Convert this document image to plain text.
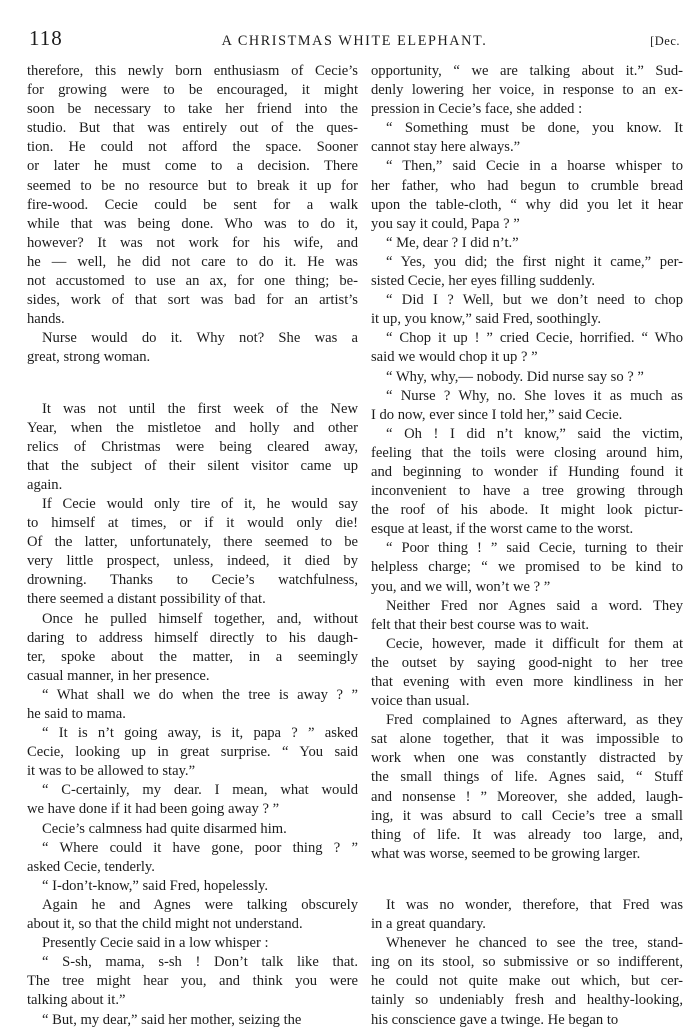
118	A CHRISTMAS WHITE ELEPHANT.	[Dec.

therefore, this newly born enthusiasm of Cecie’s
for growing were to be encouraged, it might
soon be necessary to take her friend into the
studio. But that was entirely out of the ques-
tion. He could not afford the space. Sooner
or later he must come to a decision. There
seemed to be no resource but to break it up for
fire-wood. Cecie could be sent for a walk
while that was being done. Who was to do it,
however? It was not work for his wife, and
he — well, he did not care to do it. He was
not accustomed to use an ax, for one thing; be-
sides, work of that sort was bad for an artist’s
hands.

Nurse would do it. Why not? She was a
great, strong woman.

It was not until the first week of the New
Year, when the mistletoe and holly and other
relics of Christmas were being cleared away,
that the subject of their silent visitor came up
again.

If Cecie would only tire of it, he would say
to himself at times, or if it would only die!
Of the latter, unfortunately, there seemed to be
very little prospect, unless, indeed, it died by
drowning. Thanks to Cecie’s watchfulness,
there seemed a distant possibility of that.

Once he pulled himself together, and, without
daring to address himself directly to his daugh-
ter, spoke about the matter, in a seemingly
casual manner, in her presence.

“ What shall we do when the tree is away ? ”
he said to mama.

“ It is n’t going away, is it, papa ? ” asked
Cecie, looking up in great surprise. “ You said
it was to be allowed to stay.”

“ C-certainly, my dear. I mean, what would
we have done if it had been going away ? ”

Cecie’s calmness had quite disarmed him.

“ Where could it have gone, poor thing ? ”
asked Cecie, tenderly.

“ I-don’t-know,” said Fred, hopelessly.

Again he and Agnes were talking obscurely
about it, so that the child might not understand.

Presently Cecie said in a low whisper :

“ S-sh, mama, s-sh ! Don’t talk like that.
The tree might hear you, and think you were
talking about it.”

“ But, my dear,” said her mother, seizing the

opportunity, “ we are talking about it.” Sud-
denly lowering her voice, in response to an ex-
pression in Cecie’s face, she added :

“ Something must be done, you know. It
cannot stay here always.”

“ Then,” said Cecie in a hoarse whisper to
her father, who had begun to crumble bread
upon the table-cloth, “ why did you let it hear
you say it could, Papa ? ”

“ Me, dear ? I did n’t.”

“ Yes, you did; the first night it came,” per-
sisted Cecie, her eyes filling suddenly.

“ Did I ? Well, but we don’t need to chop
it up, you know,” said Fred, soothingly.

“ Chop it up ! ” cried Cecie, horrified. “ Who
said we would chop it up ? ”

“ Why, why,— nobody. Did nurse say so ? ”

“ Nurse ? Why, no. She loves it as much as
I do now, ever since I told her,” said Cecie.

“ Oh ! I did n’t know,” said the victim,
feeling that the toils were closing around him,
and beginning to wonder if Hunding found it
inconvenient to have a tree growing through
the roof of his abode. It might look pictur-
esque at least, if the worst came to the worst.

“ Poor thing ! ” said Cecie, turning to their
helpless charge; “ we promised to be kind to
you, and we will, won’t we ? ”

Neither Fred nor Agnes said a word. They
felt that their best course was to wait.

Cecie, however, made it difficult for them at
the outset by saying good-night to her tree
that evening with even more kindliness in her
voice than usual.

Fred complained to Agnes afterward, as they
sat alone together, that it was impossible to
work when one was constantly distracted by
the small things of life. Agnes said, “ Stuff
and nonsense ! ” Moreover, she added, laugh-
ing, it was absurd to call Cecie’s tree a small
thing of life. It was already too large, and,
what was worse, seemed to be growing larger.

It was no wonder, therefore, that Fred was
in a great quandary.

Whenever he chanced to see the tree, stand-
ing on its stool, so submissive or so indifferent,
he could not quite make out which, but cer-
tainly so undeniably fresh and healthy-looking,
his conscience gave a twinge. He began to
